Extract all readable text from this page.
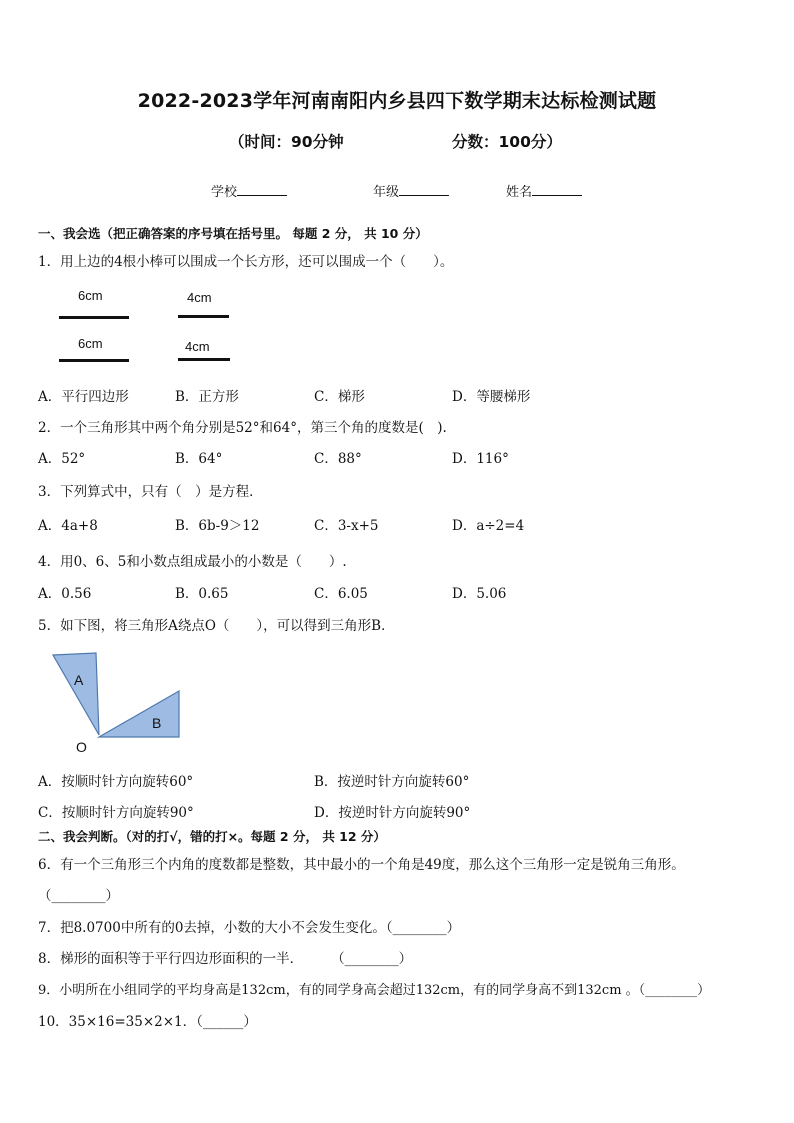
2022-2023学年河南南阳内乡县四下数学期末达标检测试题
（时间：90分钟	分数：100分）
学校	年级	姓名
一、我会选（把正确答案的序号填在括号里。 每题 2 分， 共 10 分）
1．用上边的4根小棒可以围成一个长方形，还可以围成一个（　　）。
6cm
6cm
4cm
4cm
A．平行四边形	B．正方形	C．梯形	D．等腰梯形
2．一个三角形其中两个角分别是52°和64°，第三个角的度数是(　).
A．52°	B．64°	C．88°	D．116°
3．下列算式中，只有（　）是方程．
A．4a+8	B．6b-9＞12	C．3-x+5	D．a÷2=4
4．用0、6、5和小数点组成最小的小数是（　　）.
A．0.56	B．0.65	C．6.05	D．5.06
5．如下图，将三角形A绕点O（　　），可以得到三角形B．
A
B
O
A．按顺时针方向旋转60°	B．按逆时针方向旋转60°
C．按顺时针方向旋转90°	D．按逆时针方向旋转90°
二、我会判断。（对的打√，错的打×。每题 2 分， 共 12 分）
6．有一个三角形三个内角的度数都是整数，其中最小的一个角是49度，那么这个三角形一定是锐角三角形。
（________）
7．把8.0700中所有的0去掉，小数的大小不会发生变化。（________）
8．梯形的面积等于平行四边形面积的一半． （________）
9．小明所在小组同学的平均身高是132cm，有的同学身高会超过132cm，有的同学身高不到132cm 。（________）
10．35×16=35×2×1．（______）
